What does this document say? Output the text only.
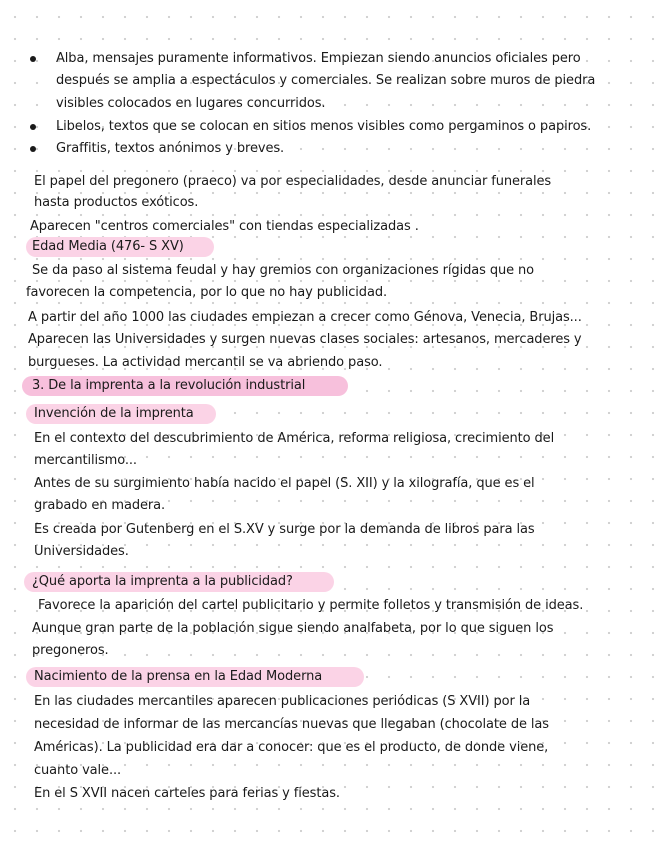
Alba, mensajes puramente informativos. Empiezan siendo anuncios oficiales pero
después se amplia a espectáculos y comerciales. Se realizan sobre muros de piedra
visibles colocados en lugares concurridos.
Libelos, textos que se colocan en sitios menos visibles como pergaminos o papiros.
Graffitis, textos anónimos y breves.
El papel del pregonero (praeco) va por especialidades, desde anunciar funerales
hasta productos exóticos.
Aparecen "centros comerciales" con tiendas especializadas .
Edad Media (476- S XV)
Se da paso al sistema feudal y hay gremios con organizaciones rígidas que no
favorecen la competencia, por lo que no hay publicidad.
A partir del año 1000 las ciudades empiezan a crecer como Génova, Venecia, Brujas...
Aparecen las Universidades y surgen nuevas clases sociales: artesanos, mercaderes y
burgueses. La actividad mercantil se va abriendo paso.
3. De la imprenta a la revolución industrial
Invención de la imprenta
En el contexto del descubrimiento de América, reforma religiosa, crecimiento del
mercantilismo...
Antes de su surgimiento había nacido el papel (S. XII) y la xilografía, que es el
grabado en madera.
Es creada por Gutenberg en el S.XV y surge por la demanda de libros para las
Universidades.
¿Qué aporta la imprenta a la publicidad?
Favorece la aparición del cartel publicitario y permite folletos y transmisión de ideas.
Aunque gran parte de la población sigue siendo analfabeta, por lo que siguen los
pregoneros.
Nacimiento de la prensa en la Edad Moderna
En las ciudades mercantiles aparecen publicaciones periódicas (S XVII) por la
necesidad de informar de las mercancías nuevas que llegaban (chocolate de las
Américas). La publicidad era dar a conocer: que es el producto, de donde viene,
cuanto vale...
En el S XVII nacen carteles para ferias y fiestas.
